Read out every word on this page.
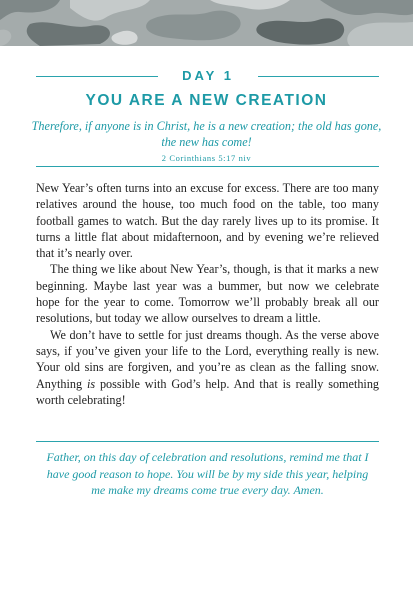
DAY 1
YOU ARE A NEW CREATION
Therefore, if anyone is in Christ, he is a new creation; the old has gone, the new has come!
2 Corinthians 5:17 niv

New Year’s often turns into an excuse for excess. There are too many relatives around the house, too much food on the table, too many football games to watch. But the day rarely lives up to its promise. It turns a little flat about midafternoon, and by evening we’re relieved that it’s nearly over.

The thing we like about New Year’s, though, is that it marks a new beginning. Maybe last year was a bummer, but now we celebrate hope for the year to come. Tomorrow we’ll probably break all our resolutions, but today we allow ourselves to dream a little.

We don’t have to settle for just dreams though. As the verse above says, if you’ve given your life to the Lord, everything really is new. Your old sins are forgiven, and you’re as clean as the falling snow. Anything is possible with God’s help. And that is really something worth celebrating!

Father, on this day of celebration and resolutions, remind me that I have good reason to hope. You will be by my side this year, helping me make my dreams come true every day. Amen.
